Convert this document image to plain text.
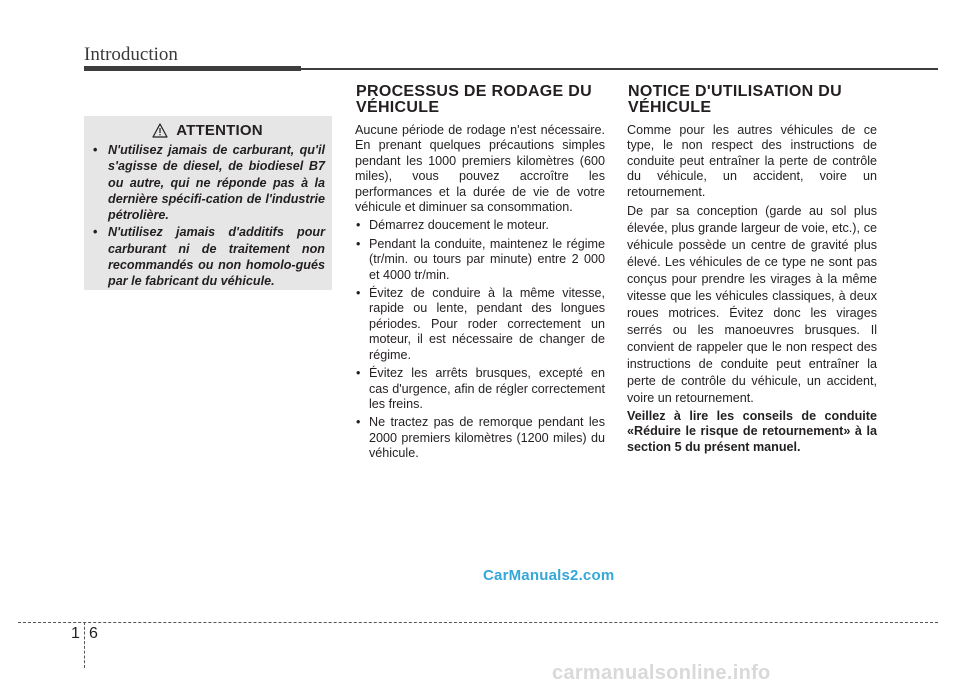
Introduction
ATTENTION
• N'utilisez jamais de carburant, qu'il s'agisse de diesel, de biodiesel B7 ou autre, qui ne réponde pas à la dernière spécifi-cation de l'industrie pétrolière.
• N'utilisez jamais d'additifs pour carburant ni de traitement non recommandés ou non homolo-gués par le fabricant du véhicule.
PROCESSUS DE RODAGE DU
VÉHICULE

Aucune période de rodage n'est nécessaire. En prenant quelques précautions simples pendant les 1000 premiers kilomètres (600 miles), vous pouvez accroître les performances et la durée de vie de votre véhicule et diminuer sa consommation.

• Démarrez doucement le moteur.
• Pendant la conduite, maintenez le régime (tr/min. ou tours par minute) entre 2 000 et 4000 tr/min.
• Évitez de conduire à la même vitesse, rapide ou lente, pendant des longues périodes. Pour roder correctement un moteur, il est nécessaire de changer de régime.
• Évitez les arrêts brusques, excepté en cas d'urgence, afin de régler correctement les freins.
• Ne tractez pas de remorque pendant les 2000 premiers kilomètres (1200 miles) du véhicule.
NOTICE D'UTILISATION DU
VÉHICULE

Comme pour les autres véhicules de ce type, le non respect des instructions de conduite peut entraîner la perte de contrôle du véhicule, un accident, voire un retournement.

De par sa conception (garde au sol plus élevée, plus grande largeur de voie, etc.), ce véhicule possède un centre de gravité plus élevé. Les véhicules de ce type ne sont pas conçus pour prendre les virages à la même vitesse que les véhicules classiques, à deux roues motrices. Évitez donc les virages serrés ou les manoeuvres brusques. Il convient de rappeler que le non respect des instructions de conduite peut entraîner la perte de contrôle du véhicule, un accident, voire un retournement.

Veillez à lire les conseils de conduite «Réduire le risque de retournement» à la section 5 du présent manuel.

CarManuals2.com
1 6
carmanualsonline.info
